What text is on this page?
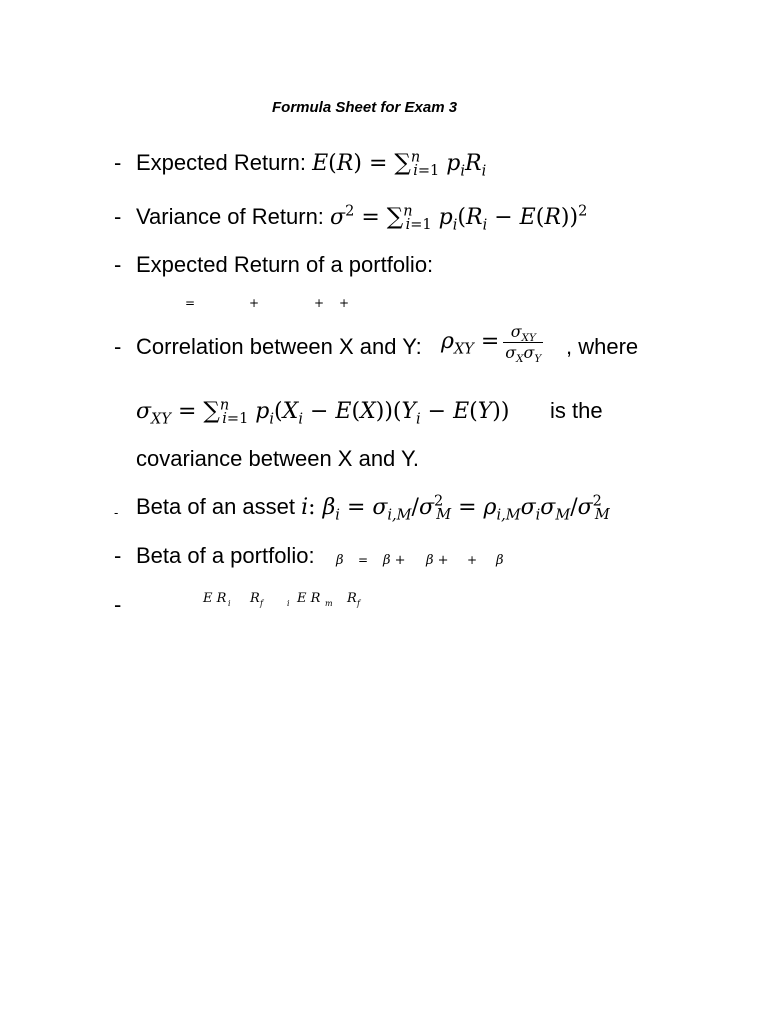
Formula Sheet for Exam 3
- Expected Return: E(R) = ∑$^n_{i=1}$ $p_iR_i$
- Variance of Return: $\sigma^2 = \sum^n_{i=1}$ $p_i(R_i - E(R))^2$
- Expected Return of a portfolio:
=	+	+ +
- Correlation between X and Y: $\rho_{XY} = \frac{\sigma_{XY}}{\sigma_X\sigma_Y}$ , where
$\sigma_{XY} = \sum^n_{i=1}$ $p_i(X_i - E(X))(Y_i - E(Y))$ is the
covariance between X and Y.
- Beta of an asset i: $\beta_i = \sigma_{i,M}/\sigma^2_M = \rho_{i,M}\sigma_i\sigma_M/\sigma^2_M$
- Beta of a portfolio: β = β + β + + β
-	E R i R f	i E R m R f
